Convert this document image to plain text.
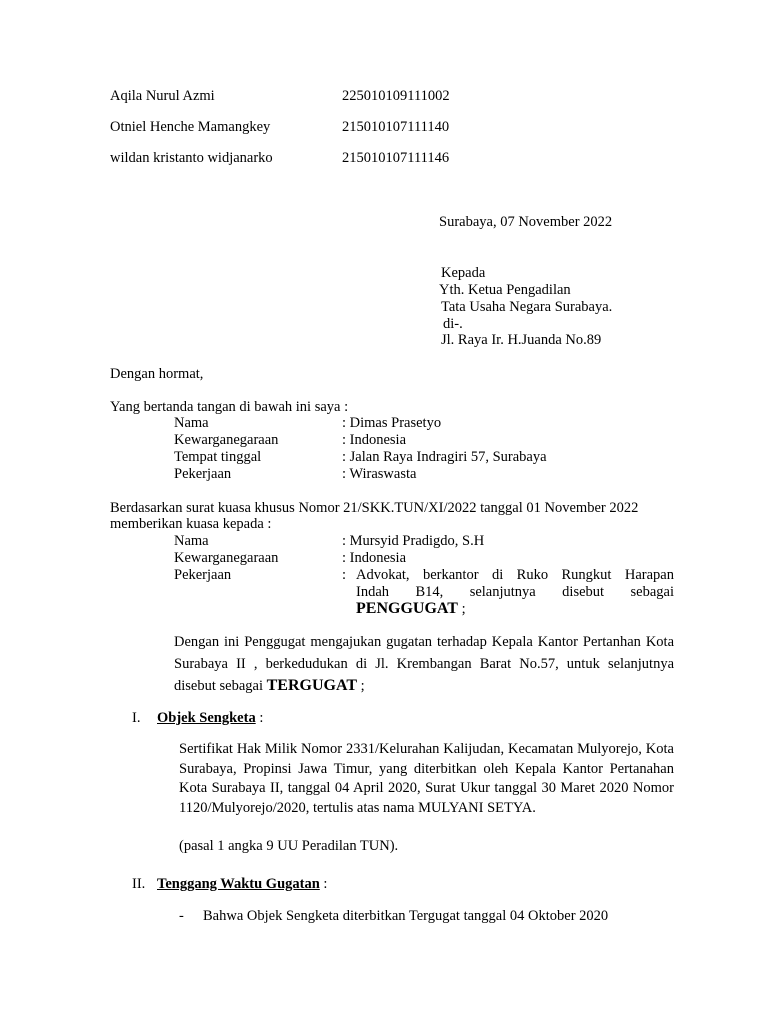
Aqila Nurul Azmi	225010109111002
Otniel Henche Mamangkey	215010107111140
wildan kristanto widjanarko	215010107111146
Surabaya, 07 November 2022
Kepada
Yth. Ketua Pengadilan
Tata Usaha Negara Surabaya.
di-.
Jl. Raya Ir. H.Juanda No.89
Dengan hormat,
Yang bertanda tangan di bawah ini saya :
Nama	: Dimas Prasetyo
Kewarganegaraan	: Indonesia
Tempat tinggal	: Jalan Raya Indragiri 57, Surabaya
Pekerjaan	: Wiraswasta
Berdasarkan surat kuasa khusus Nomor 21/SKK.TUN/XI/2022 tanggal 01 November 2022
memberikan kuasa kepada :
Nama	: Mursyid Pradigdo, S.H
Kewarganegaraan	: Indonesia
Pekerjaan	: Advokat, berkantor di Ruko Rungkut Harapan
Indah B14, selanjutnya disebut sebagai
PENGGUGAT ;
Dengan ini Penggugat mengajukan gugatan terhadap Kepala Kantor Pertanhan Kota Surabaya II , berkedudukan di Jl. Krembangan Barat No.57, untuk selanjutnya disebut sebagai TERGUGAT ;
I. Objek Sengketa :
Sertifikat Hak Milik Nomor 2331/Kelurahan Kalijudan, Kecamatan Mulyorejo, Kota Surabaya, Propinsi Jawa Timur, yang diterbitkan oleh Kepala Kantor Pertanahan Kota Surabaya II, tanggal 04 April 2020, Surat Ukur tanggal 30 Maret 2020 Nomor 1120/Mulyorejo/2020, tertulis atas nama MULYANI SETYA.
(pasal 1 angka 9 UU Peradilan TUN).
II. Tenggang Waktu Gugatan :
- Bahwa Objek Sengketa diterbitkan Tergugat tanggal 04 Oktober 2020
